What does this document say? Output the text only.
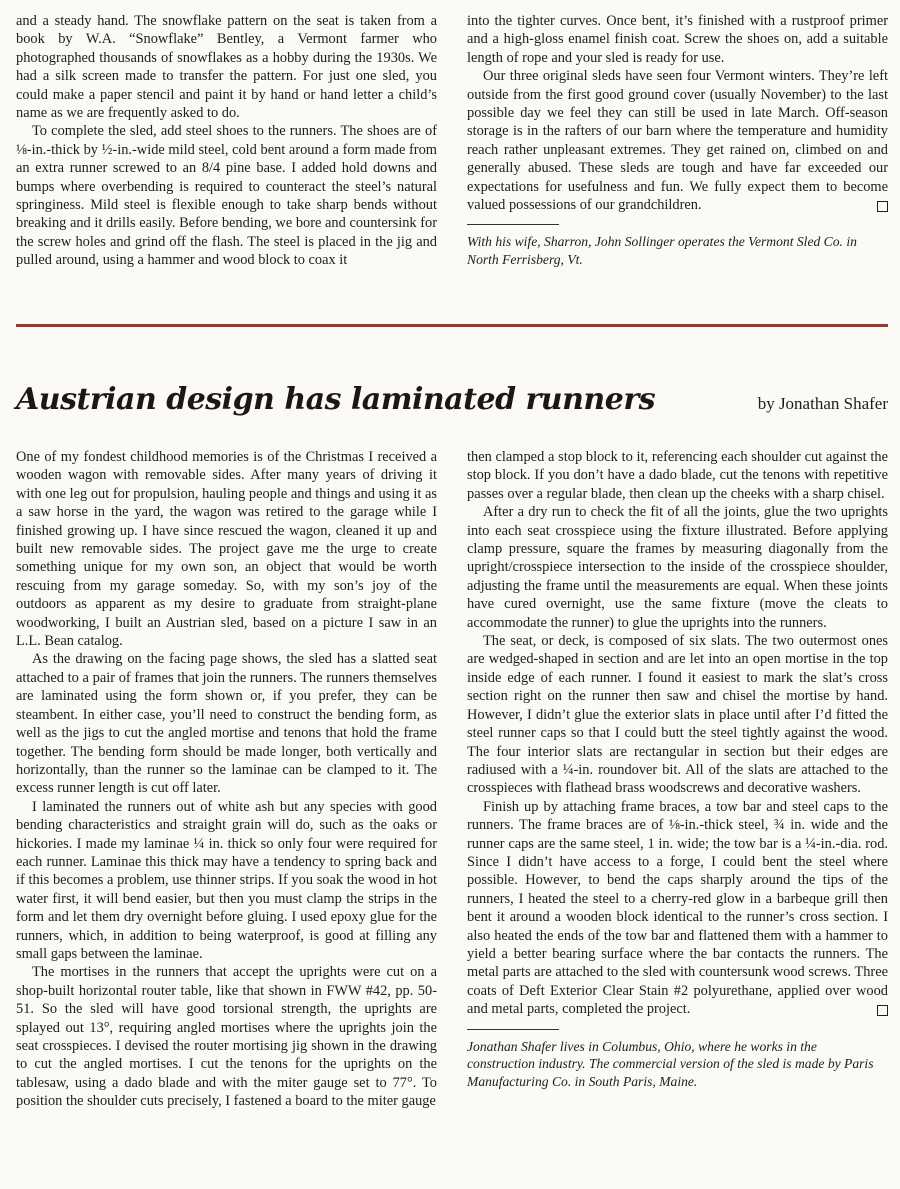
and a steady hand. The snowflake pattern on the seat is taken from a book by W.A. “Snowflake” Bentley, a Vermont farmer who photographed thousands of snowflakes as a hobby during the 1930s. We had a silk screen made to transfer the pattern. For just one sled, you could make a paper stencil and paint it by hand or hand letter a child’s name as we are frequently asked to do.

To complete the sled, add steel shoes to the runners. The shoes are of ⅛-in.-thick by ½-in.-wide mild steel, cold bent around a form made from an extra runner screwed to an 8/4 pine base. I added hold downs and bumps where overbending is required to counteract the steel’s natural springiness. Mild steel is flexible enough to take sharp bends without breaking and it drills easily. Before bending, we bore and countersink for the screw holes and grind off the flash. The steel is placed in the jig and pulled around, using a hammer and wood block to coax it

into the tighter curves. Once bent, it’s finished with a rustproof primer and a high-gloss enamel finish coat. Screw the shoes on, add a suitable length of rope and your sled is ready for use.

Our three original sleds have seen four Vermont winters. They’re left outside from the first good ground cover (usually November) to the last possible day we feel they can still be used in late March. Off-season storage is in the rafters of our barn where the temperature and humidity reach rather unpleasant extremes. They get rained on, climbed on and generally abused. These sleds are tough and have far exceeded our expectations for usefulness and fun. We fully expect them to become valued possessions of our grandchildren.

With his wife, Sharron, John Sollinger operates the Vermont Sled Co. in North Ferrisberg, Vt.

Austrian design has laminated runners	by Jonathan Shafer

One of my fondest childhood memories is of the Christmas I received a wooden wagon with removable sides. After many years of driving it with one leg out for propulsion, hauling people and things and using it as a saw horse in the yard, the wagon was retired to the garage while I finished growing up. I have since rescued the wagon, cleaned it up and built new removable sides. The project gave me the urge to create something unique for my own son, an object that would be worth rescuing from my garage someday. So, with my son’s joy of the outdoors as apparent as my desire to graduate from straight-plane woodworking, I built an Austrian sled, based on a picture I saw in an L.L. Bean catalog.

As the drawing on the facing page shows, the sled has a slatted seat attached to a pair of frames that join the runners. The runners themselves are laminated using the form shown or, if you prefer, they can be steambent. In either case, you’ll need to construct the bending form, as well as the jigs to cut the angled mortise and tenons that hold the frame together. The bending form should be made longer, both vertically and horizontally, than the runner so the laminae can be clamped to it. The excess runner length is cut off later.

I laminated the runners out of white ash but any species with good bending characteristics and straight grain will do, such as the oaks or hickories. I made my laminae ¼ in. thick so only four were required for each runner. Laminae this thick may have a tendency to spring back and if this becomes a problem, use thinner strips. If you soak the wood in hot water first, it will bend easier, but then you must clamp the strips in the form and let them dry overnight before gluing. I used epoxy glue for the runners, which, in addition to being waterproof, is good at filling any small gaps between the laminae.

The mortises in the runners that accept the uprights were cut on a shop-built horizontal router table, like that shown in FWW #42, pp. 50-51. So the sled will have good torsional strength, the uprights are splayed out 13°, requiring angled mortises where the uprights join the seat crosspieces. I devised the router mortising jig shown in the drawing to cut the angled mortises. I cut the tenons for the uprights on the tablesaw, using a dado blade and with the miter gauge set to 77°. To position the shoulder cuts precisely, I fastened a board to the miter gauge

then clamped a stop block to it, referencing each shoulder cut against the stop block. If you don’t have a dado blade, cut the tenons with repetitive passes over a regular blade, then clean up the cheeks with a sharp chisel.

After a dry run to check the fit of all the joints, glue the two uprights into each seat crosspiece using the fixture illustrated. Before applying clamp pressure, square the frames by measuring diagonally from the upright/crosspiece intersection to the inside of the crosspiece shoulder, adjusting the frame until the measurements are equal. When these joints have cured overnight, use the same fixture (move the cleats to accommodate the runner) to glue the uprights into the runners.

The seat, or deck, is composed of six slats. The two outermost ones are wedged-shaped in section and are let into an open mortise in the top inside edge of each runner. I found it easiest to mark the slat’s cross section right on the runner then saw and chisel the mortise by hand. However, I didn’t glue the exterior slats in place until after I’d fitted the steel runner caps so that I could butt the steel tightly against the wood. The four interior slats are rectangular in section but their edges are radiused with a ¼-in. roundover bit. All of the slats are attached to the crosspieces with flathead brass woodscrews and decorative washers.

Finish up by attaching frame braces, a tow bar and steel caps to the runners. The frame braces are of ⅛-in.-thick steel, ¾ in. wide and the runner caps are the same steel, 1 in. wide; the tow bar is a ¼-in.-dia. rod. Since I didn’t have access to a forge, I could bent the steel where possible. However, to bend the caps sharply around the tips of the runners, I heated the steel to a cherry-red glow in a barbeque grill then bent it around a wooden block identical to the runner’s cross section. I also heated the ends of the tow bar and flattened them with a hammer to yield a better bearing surface where the bar contacts the runners. The metal parts are attached to the sled with countersunk wood screws. Three coats of Deft Exterior Clear Stain #2 polyurethane, applied over wood and metal parts, completed the project.

Jonathan Shafer lives in Columbus, Ohio, where he works in the construction industry. The commercial version of the sled is made by Paris Manufacturing Co. in South Paris, Maine.
